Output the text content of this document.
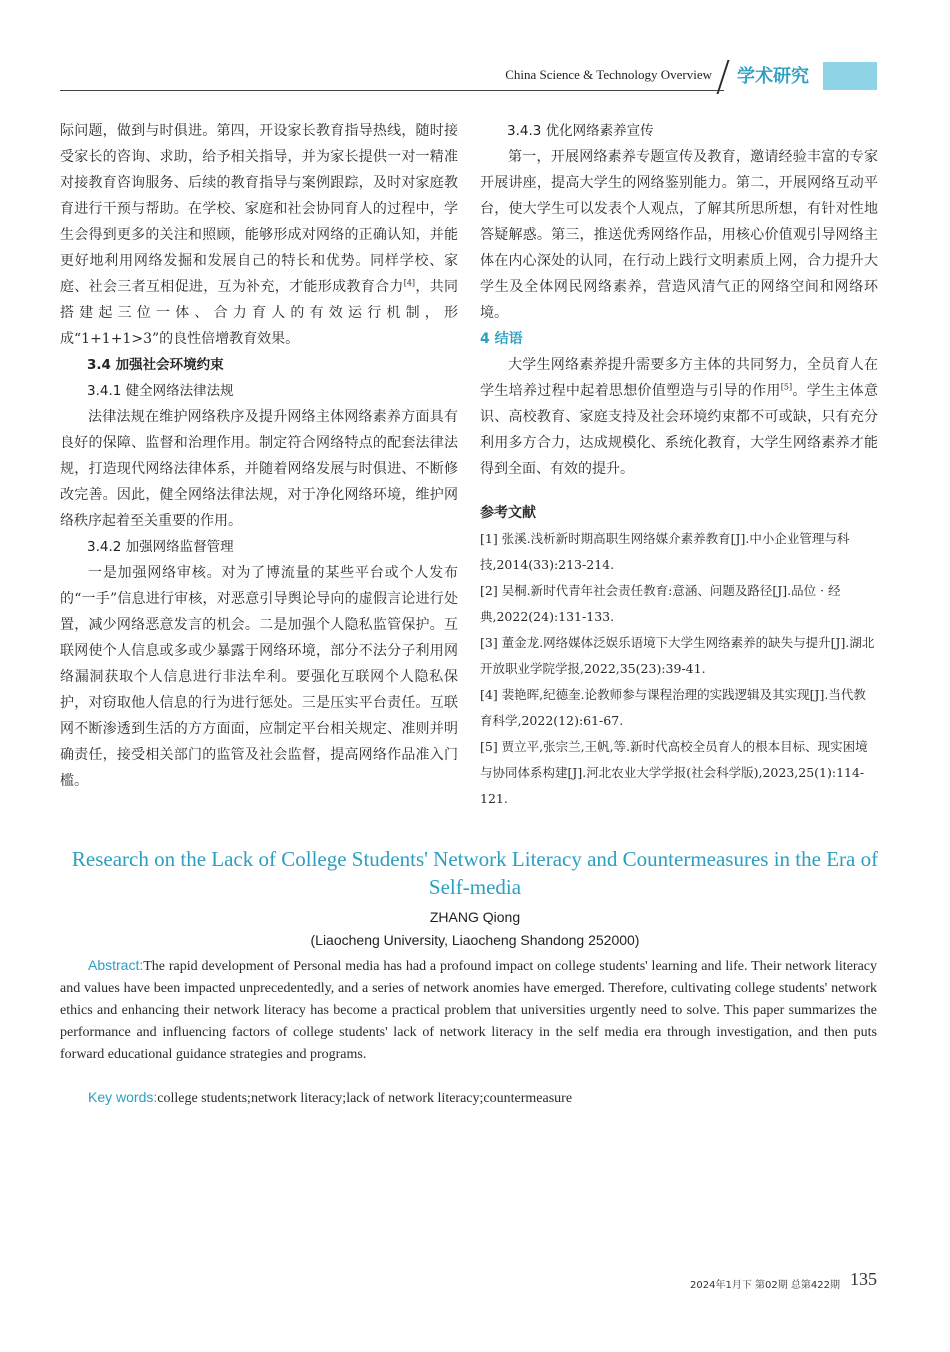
China Science & Technology Overview 学术研究

际问题，做到与时俱进。第四，开设家长教育指导热线，随时接受家长的咨询、求助，给予相关指导，并为家长提供一对一精准对接教育咨询服务、后续的教育指导与案例跟踪，及时对家庭教育进行干预与帮助。在学校、家庭和社会协同育人的过程中，学生会得到更多的关注和照顾，能够形成对网络的正确认知，并能更好地利用网络发掘和发展自己的特长和优势。同样学校、家庭、社会三者互相促进，互为补充，才能形成教育合力[4]，共同搭建起三位一体、合力育人的有效运行机制，形成“1+1+1>3”的良性倍增教育效果。

3.4 加强社会环境约束

3.4.1 健全网络法律法规

法律法规在维护网络秩序及提升网络主体网络素养方面具有良好的保障、监督和治理作用。制定符合网络特点的配套法律法规，打造现代网络法律体系，并随着网络发展与时俱进、不断修改完善。因此，健全网络法律法规，对于净化网络环境，维护网络秩序起着至关重要的作用。

3.4.2 加强网络监督管理

一是加强网络审核。对为了博流量的某些平台或个人发布的“一手”信息进行审核，对恶意引导舆论导向的虚假言论进行处置，减少网络恶意发言的机会。二是加强个人隐私监管保护。互联网使个人信息或多或少暴露于网络环境，部分不法分子利用网络漏洞获取个人信息进行非法牟利。要强化互联网个人隐私保护，对窃取他人信息的行为进行惩处。三是压实平台责任。互联网不断渗透到生活的方方面面，应制定平台相关规定、准则并明确责任，接受相关部门的监管及社会监督，提高网络作品准入门槛。

3.4.3 优化网络素养宣传

第一，开展网络素养专题宣传及教育，邀请经验丰富的专家开展讲座，提高大学生的网络鉴别能力。第二，开展网络互动平台，使大学生可以发表个人观点，了解其所思所想，有针对性地答疑解惑。第三，推送优秀网络作品，用核心价值观引导网络主体在内心深处的认同，在行动上践行文明素质上网，合力提升大学生及全体网民网络素养，营造风清气正的网络空间和网络环境。

4 结语

大学生网络素养提升需要多方主体的共同努力，全员育人在学生培养过程中起着思想价值塑造与引导的作用[5]。学生主体意识、高校教育、家庭支持及社会环境约束都不可或缺，只有充分利用多方合力，达成规模化、系统化教育，大学生网络素养才能得到全面、有效的提升。

参考文献

[1] 张溪.浅析新时期高职生网络媒介素养教育[J].中小企业管理与科技,2014(33):213-214.

[2] 吴桐.新时代青年社会责任教育:意涵、问题及路径[J].品位 · 经典,2022(24):131-133.

[3] 董金龙.网络媒体泛娱乐语境下大学生网络素养的缺失与提升[J].湖北开放职业学院学报,2022,35(23):39-41.

[4] 裴艳晖,纪德奎.论教师参与课程治理的实践逻辑及其实现[J].当代教育科学,2022(12):61-67.

[5] 贾立平,张宗兰,王帆,等.新时代高校全员育人的根本目标、现实困境与协同体系构建[J].河北农业大学学报(社会科学版),2023,25(1):114-121.

Research on the Lack of College Students' Network Literacy and Countermeasures in the Era of Self-media
ZHANG Qiong
(Liaocheng University, Liaocheng Shandong 252000)

Abstract:The rapid development of Personal media has had a profound impact on college students' learning and life. Their network literacy and values have been impacted unprecedentedly, and a series of network anomies have emerged. Therefore, cultivating college students' network ethics and enhancing their network literacy has become a practical problem that universities urgently need to solve. This paper summarizes the performance and influencing factors of college students' lack of network literacy in the self media era through investigation, and then puts forward educational guidance strategies and programs.

Key words:college students;network literacy;lack of network literacy;countermeasure

2024年1月下 第02期 总第422期 135
